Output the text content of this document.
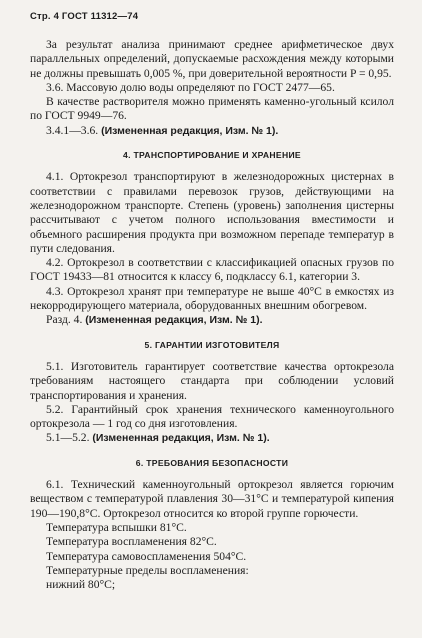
Стр. 4 ГОСТ 11312—74

За результат анализа принимают среднее арифметическое двух параллельных определений, допускаемые расхождения между которыми не должны превышать 0,005 %, при доверительной вероятности P = 0,95.

3.6. Массовую долю воды определяют по ГОСТ 2477—65.

В качестве растворителя можно применять каменно-угольный ксилол по ГОСТ 9949—76.

3.4.1—3.6. (Измененная редакция, Изм. № 1).

4. ТРАНСПОРТИРОВАНИЕ И ХРАНЕНИЕ

4.1. Ортокрезол транспортируют в железнодорожных цистернах в соответствии с правилами перевозок грузов, действующими на железнодорожном транспорте. Степень (уровень) заполнения цистерны рассчитывают с учетом полного использования вместимости и объемного расширения продукта при возможном перепаде температур в пути следования.

4.2. Ортокрезол в соответствии с классификацией опасных грузов по ГОСТ 19433—81 относится к классу 6, подклассу 6.1, категории 3.

4.3. Ортокрезол хранят при температуре не выше 40°С в емкостях из некорродирующего материала, оборудованных внешним обогревом.

Разд. 4. (Измененная редакция, Изм. № 1).

5. ГАРАНТИИ ИЗГОТОВИТЕЛЯ

5.1. Изготовитель гарантирует соответствие качества ортокрезола требованиям настоящего стандарта при соблюдении условий транспортирования и хранения.

5.2. Гарантийный срок хранения технического каменноугольного ортокрезола — 1 год со дня изготовления.

5.1—5.2. (Измененная редакция, Изм. № 1).

6. ТРЕБОВАНИЯ БЕЗОПАСНОСТИ

6.1. Технический каменноугольный ортокрезол является горючим веществом с температурой плавления 30—31°С и температурой кипения 190—190,8°С. Ортокрезол относится ко второй группе горючести.

Температура вспышки 81°С.

Температура воспламенения 82°С.

Температура самовоспламенения 504°С.

Температурные пределы воспламенения:

нижний 80°С;
